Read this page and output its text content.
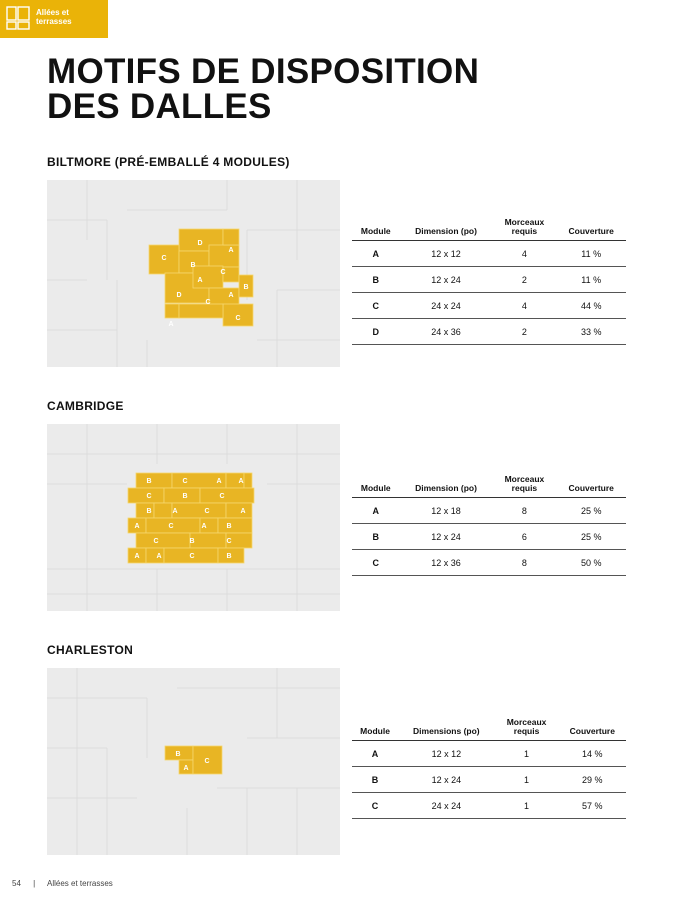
Allées et terrasses
MOTIFS DE DISPOSITION
DES DALLES
BILTMORE (PRÉ-EMBALLÉ 4 MODULES)
D
A
C
B
C
A
B
D
C
A
A
C
Module	Dimension (po)	Morceaux requis	Couverture
A	12 x 12	4	11 %
B	12 x 24	2	11 %
C	24 x 24	4	44 %
D	24 x 36	2	33 %
CAMBRIDGE
B	C	A A
C	B	C
B	A	C	A
A	C	A	B
C	B	C
A A	C	B
Module	Dimension (po)	Morceaux requis	Couverture
A	12 x 18	8	25 %
B	12 x 24	6	25 %
C	12 x 36	8	50 %
CHARLESTON
B
A
C
Module	Dimensions (po)	Morceaux requis	Couverture
A	12 x 12	1	14 %
B	12 x 24	1	29 %
C	24 x 24	1	57 %
54 | Allées et terrasses
